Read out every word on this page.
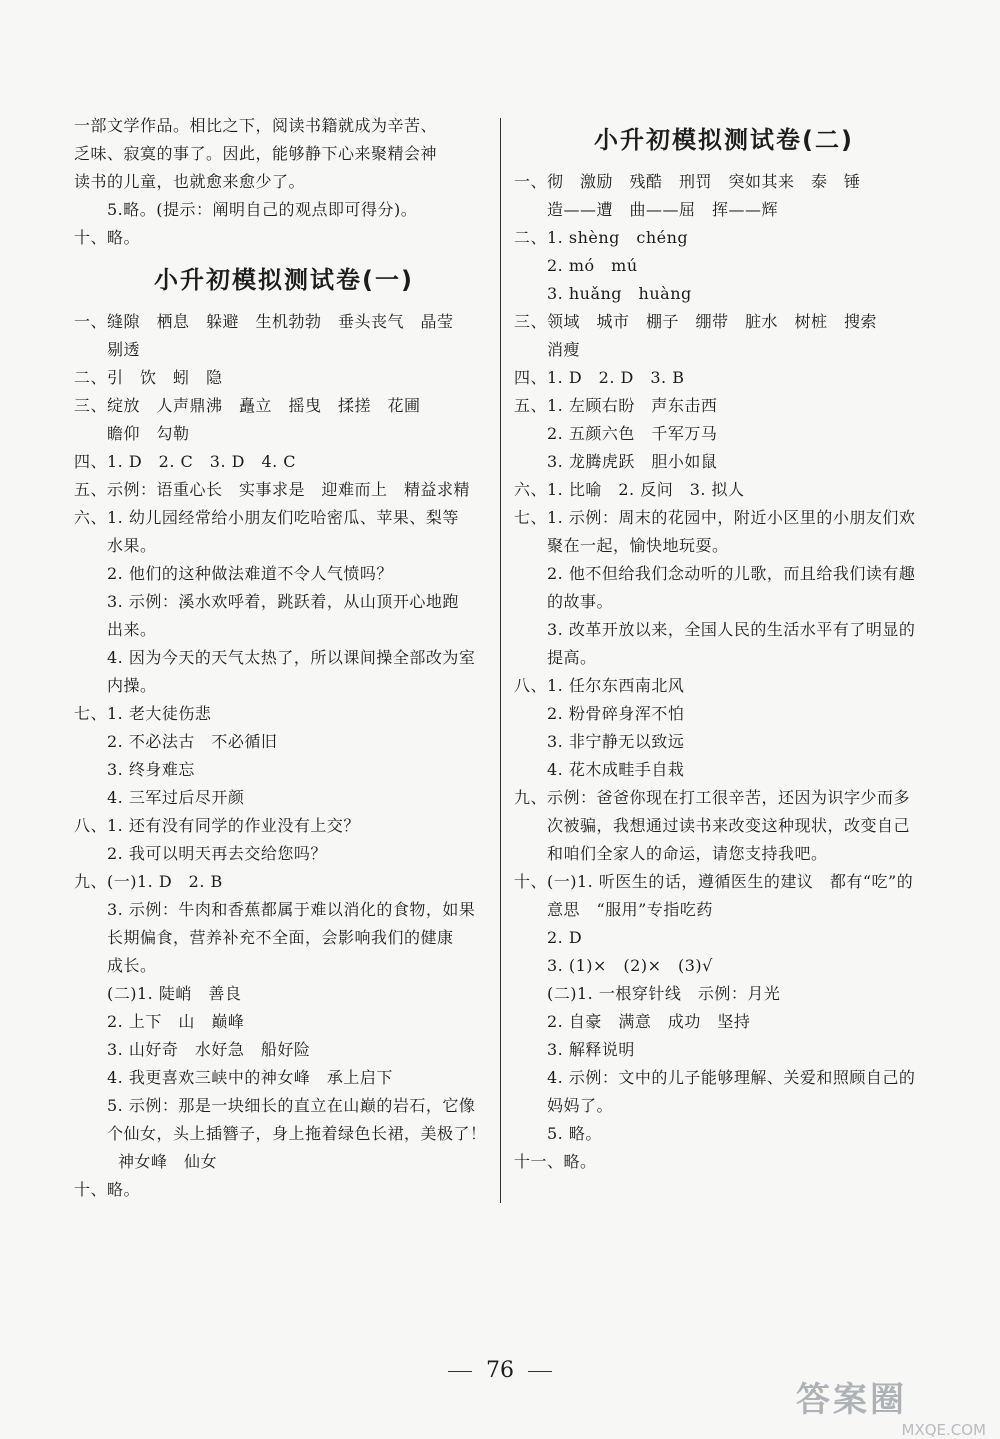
一部文学作品。相比之下，阅读书籍就成为辛苦、
乏味、寂寞的事了。因此，能够静下心来聚精会神
读书的儿童，也就愈来愈少了。
5.略。(提示：阐明自己的观点即可得分)。
十、略。
小升初模拟测试卷(一)
一、缝隙　栖息　躲避　生机勃勃　垂头丧气　晶莹
剔透
二、引　饮　蚓　隐
三、绽放　人声鼎沸　矗立　摇曳　揉搓　花圃
瞻仰　勾勒
四、1. D　2. C　3. D　4. C
五、示例：语重心长　实事求是　迎难而上　精益求精
六、1. 幼儿园经常给小朋友们吃哈密瓜、苹果、梨等
水果。
2. 他们的这种做法难道不令人气愤吗？
3. 示例：溪水欢呼着，跳跃着，从山顶开心地跑
出来。
4. 因为今天的天气太热了，所以课间操全部改为室
内操。
七、1. 老大徒伤悲
2. 不必法古　不必循旧
3. 终身难忘
4. 三军过后尽开颜
八、1. 还有没有同学的作业没有上交？
2. 我可以明天再去交给您吗？
九、(一)1. D　2. B
3. 示例：牛肉和香蕉都属于难以消化的食物，如果
长期偏食，营养补充不全面，会影响我们的健康
成长。
(二)1. 陡峭　善良
2. 上下　山　巅峰
3. 山好奇　水好急　船好险
4. 我更喜欢三峡中的神女峰　承上启下
5. 示例：那是一块细长的直立在山巅的岩石，它像
个仙女，头上插簪子，身上拖着绿色长裙，美极了！
神女峰　仙女
十、略。
小升初模拟测试卷(二)
一、彻　激励　残酷　刑罚　突如其来　泰　锤
造——遭　曲——屈　挥——辉
二、1. shèng　chéng
2. mó　mú
3. huǎng　huàng
三、领域　城市　棚子　绷带　脏水　树桩　搜索
消瘦
四、1. D　2. D　3. B
五、1. 左顾右盼　声东击西
2. 五颜六色　千军万马
3. 龙腾虎跃　胆小如鼠
六、1. 比喻　2. 反问　3. 拟人
七、1. 示例：周末的花园中，附近小区里的小朋友们欢
聚在一起，愉快地玩耍。
2. 他不但给我们念动听的儿歌，而且给我们读有趣
的故事。
3. 改革开放以来，全国人民的生活水平有了明显的
提高。
八、1. 任尔东西南北风
2. 粉骨碎身浑不怕
3. 非宁静无以致远
4. 花木成畦手自栽
九、示例：爸爸你现在打工很辛苦，还因为识字少而多
次被骗，我想通过读书来改变这种现状，改变自己
和咱们全家人的命运，请您支持我吧。
十、(一)1. 听医生的话，遵循医生的建议　都有“吃”的
意思　“服用”专指吃药
2. D
3. (1)×　(2)×　(3)√
(二)1. 一根穿针线　示例：月光
2. 自豪　满意　成功　坚持
3. 解释说明
4. 示例：文中的儿子能够理解、关爱和照顾自己的
妈妈了。
5. 略。
十一、略。
76
答案圈
MXQE.COM
